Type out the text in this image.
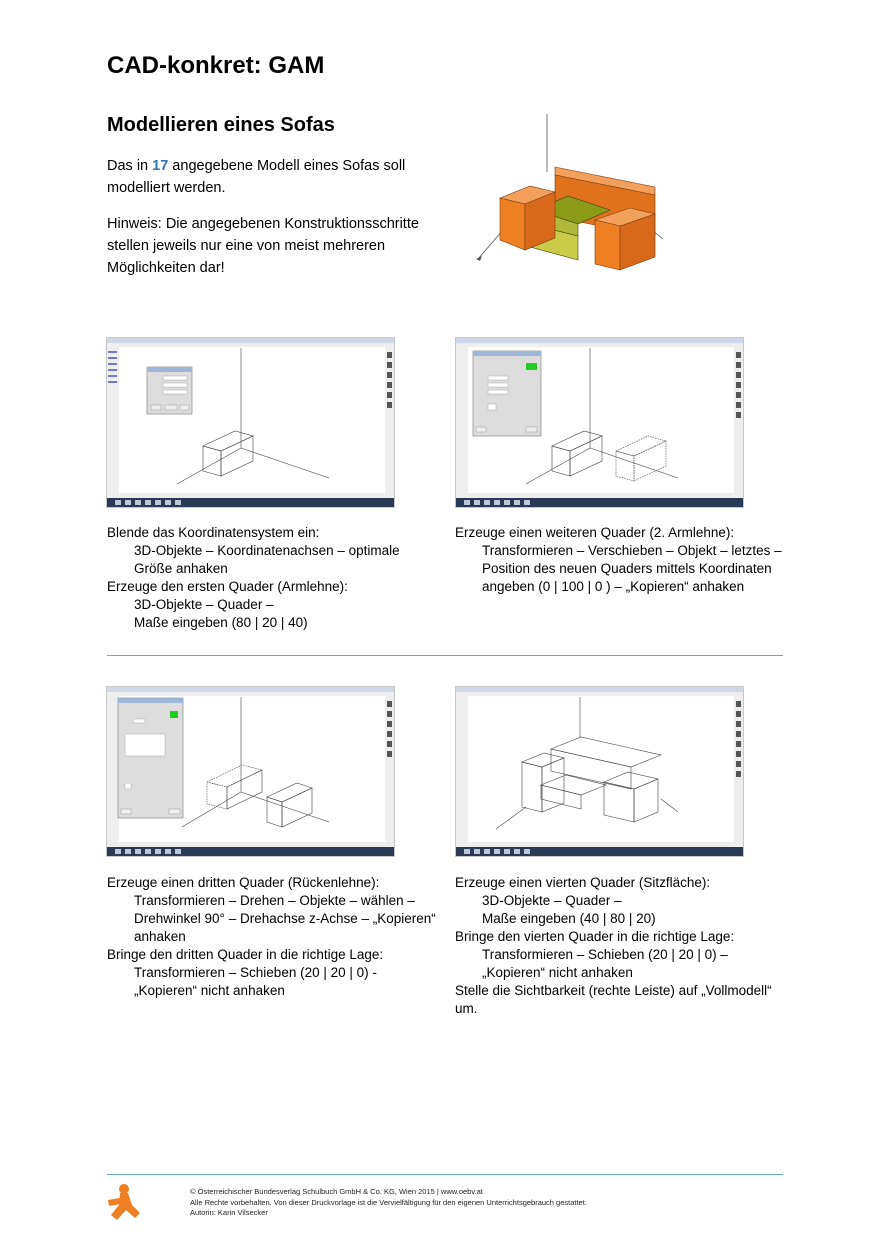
CAD-konkret: GAM
Modellieren eines Sofas

Das in 17 angegebene Modell eines Sofas soll modelliert werden.

Hinweis: Die angegebenen Konstruktionsschritte stellen jeweils nur eine von meist mehreren Möglichkeiten dar!

Blende das Koordinatensystem ein:

3D-Objekte – Koordinatenachsen – optimale Größe anhaken

Erzeuge den ersten Quader (Armlehne):

3D-Objekte – Quader –

Maße eingeben (80 | 20 | 40)

Erzeuge einen weiteren Quader (2. Armlehne):

Transformieren – Verschieben – Objekt – letztes – Position des neuen Quaders mittels Koordinaten angeben (0 | 100 | 0 ) – „Kopieren“ anhaken

Erzeuge einen dritten Quader (Rückenlehne):

Transformieren – Drehen – Objekte – wählen – Drehwinkel 90° – Drehachse z-Achse – „Kopieren“ anhaken

Bringe den dritten Quader in die richtige Lage:

Transformieren – Schieben (20 | 20 | 0) - „Kopieren“ nicht anhaken

Erzeuge einen vierten Quader (Sitzfläche):

3D-Objekte – Quader –

Maße eingeben (40 | 80 | 20)

Bringe den vierten Quader in die richtige Lage:

Transformieren – Schieben (20 | 20 | 0) – „Kopieren“ nicht anhaken

Stelle die Sichtbarkeit (rechte Leiste) auf „Vollmodell“ um.

© Österreichischer Bundesverlag Schulbuch GmbH & Co. KG, Wien 2015 | www.oebv.at

Alle Rechte vorbehalten. Von dieser Druckvorlage ist die Vervielfältigung für den eigenen Unterrichtsgebrauch gestattet.

Autorin: Karin Vilsecker
